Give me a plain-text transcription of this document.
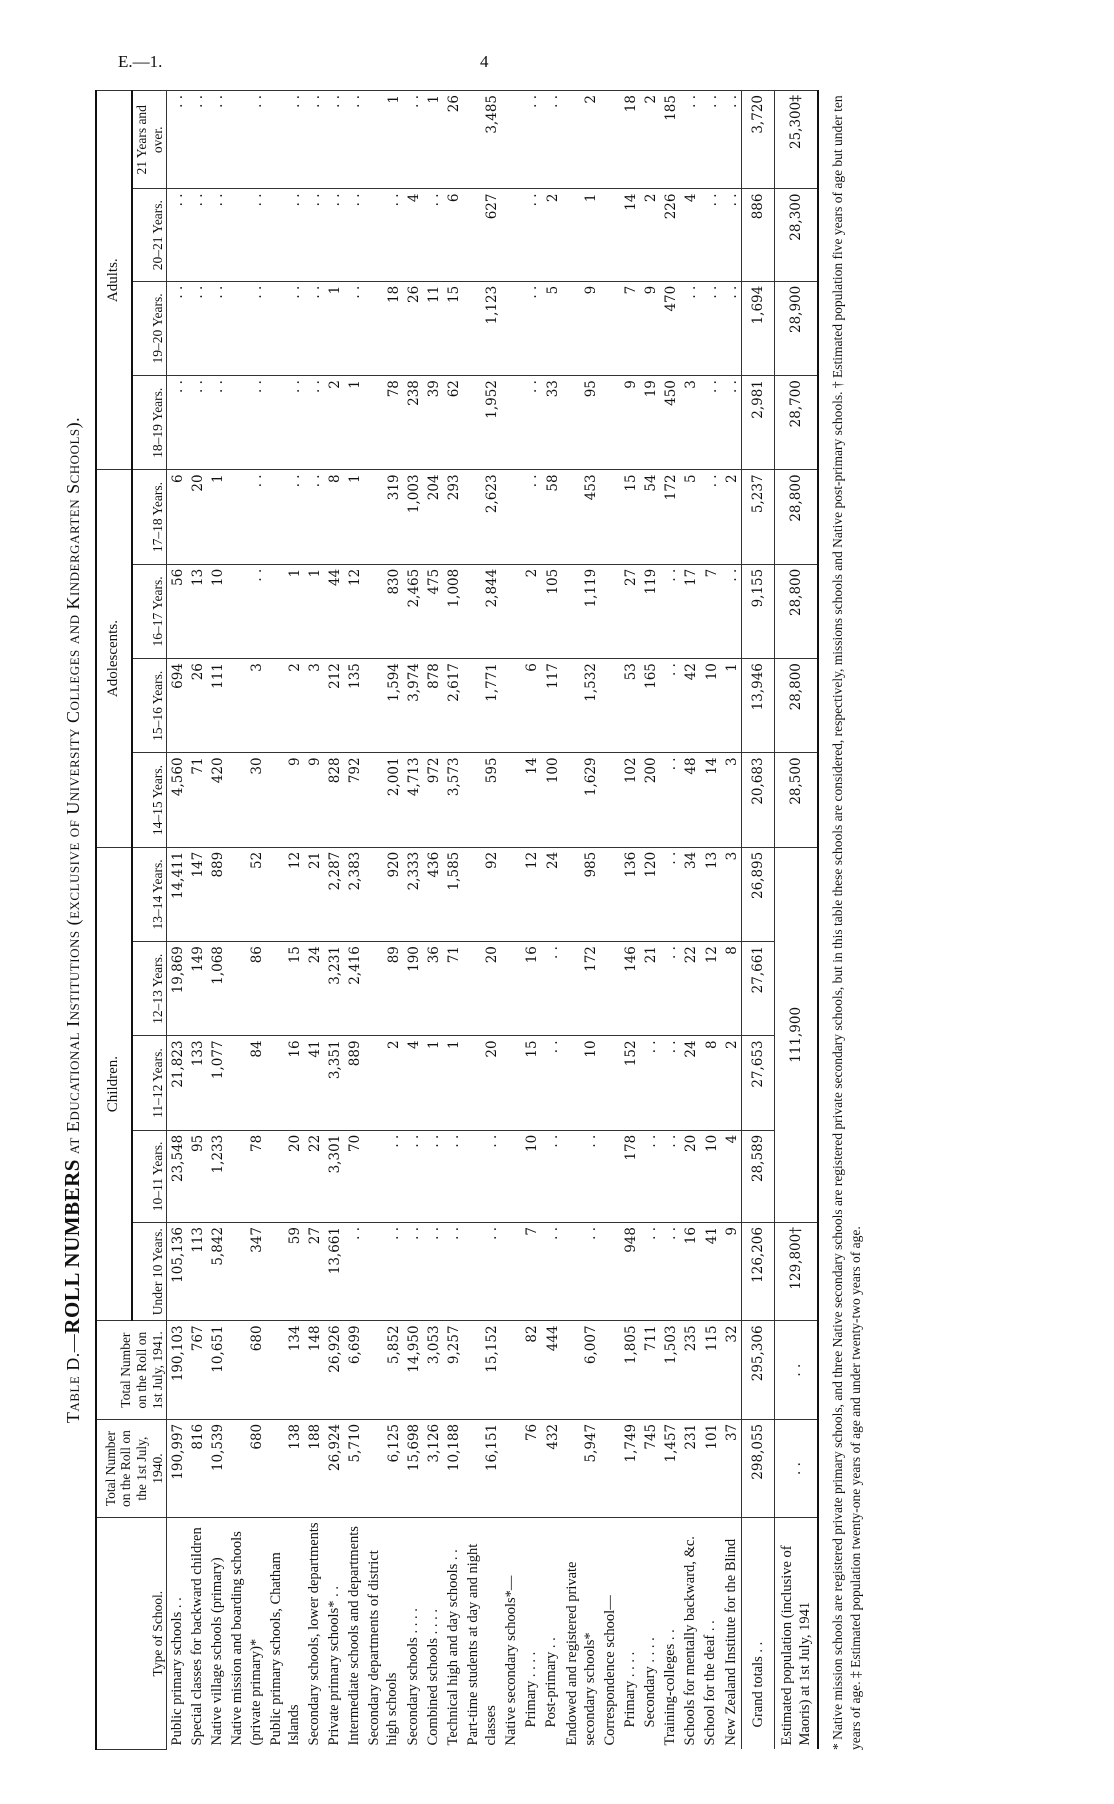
E.—1.	4
Table D.—ROLL NUMBERS at Educational Institutions (exclusive of University Colleges and Kindergarten Schools).
Type of School.	Total Number on the Roll on the 1st July, 1940.	Total Number on the Roll on 1st July, 1941.	Children.					Adolescents.				Adults.			
			Under 10 Years.	10–11 Years.	11–12 Years.	12–13 Years.	13–14 Years.	14–15 Years.	15–16 Years.	16–17 Years.	17–18 Years.	18–19 Years.	19–20 Years.	20–21 Years.	21 Years and over.
Public primary schools . .	190,997	190,103	105,136	23,548	21,823	19,869	14,411	4,560	694	56	6	. .	. .	. .	. .
Special classes for backward children	816	767	113	95	133	149	147	71	26	13	20	. .	. .	. .	. .
Native village schools (primary)	10,539	10,651	5,842	1,233	1,077	1,068	889	420	111	10	1	. .	. .	. .	. .
Native mission and boarding schools (private primary)*	680	680	347	78	84	86	52	30	3	. .	. .	. .	. .	. .	. .
Public primary schools, Chatham Islands	138	134	59	20	16	15	12	9	2	1	. .	. .	. .	. .	. .
Secondary schools, lower departments	188	148	27	22	41	24	21	9	3	1	. .	. .	. .	. .	. .
Private primary schools* . .	26,924	26,926	13,661	3,301	3,351	3,231	2,287	828	212	44	8	2	1	. .	. .
Intermediate schools and departments	5,710	6,699	. .	70	889	2,416	2,383	792	135	12	1	1	. .	. .	. .
Secondary departments of district high schools	6,125	5,852	. .	. .	2	89	920	2,001	1,594	830	319	78	18	. .	1
Secondary schools . . . .	15,698	14,950	. .	. .	4	190	2,333	4,713	3,974	2,465	1,003	238	26	4	. .
Combined schools . . . .	3,126	3,053	. .	. .	1	36	436	972	878	475	204	39	11	. .	1
Technical high and day schools . .	10,188	9,257	. .	. .	1	71	1,585	3,573	2,617	1,008	293	62	15	6	26
Part-time students at day and night classes	16,151	15,152	. .	. .	20	20	92	595	1,771	2,844	2,623	1,952	1,123	627	3,485
Native secondary schools*—															
Primary . . . .	76	82	7	10	15	16	12	14	6	2	. .	. .	. .	. .	. .
Post-primary . .	432	444	. .	. .	. .	. .	24	100	117	105	58	33	5	2	. .
Endowed and registered private secondary schools*	5,947	6,007	. .	. .	10	172	985	1,629	1,532	1,119	453	95	9	1	2
Correspondence school—															
Primary . . . .	1,749	1,805	948	178	152	146	136	102	53	27	15	9	7	14	18
Secondary . . . .	745	711	. .	. .	. .	21	120	200	165	119	54	19	9	2	2
Training-colleges . .	1,457	1,503	. .	. .	. .	. .	. .	. .	. .	. .	172	450	470	226	185
Schools for mentally backward, &c.	231	235	16	20	24	22	34	48	42	17	5	3	. .	4	. .
School for the deaf . .	101	115	41	10	8	12	13	14	10	7	. .	. .	. .	. .	. .
New Zealand Institute for the Blind	37	32	9	4	2	8	3	3	1	. .	2	. .	. .	. .	. .
Grand totals . .	298,055	295,306	126,206	28,589	27,653	27,661	26,895	20,683	13,946	9,155	5,237	2,981	1,694	886	3,720
Estimated population (inclusive of Maoris) at 1st July, 1941	. .	. .	129,800†	111,900				28,500	28,800	28,800	28,800	28,700	28,900	28,300	25,300‡ * Native mission schools are registered private primary schools, and three Native secondary schools are registered private secondary schools, but in this table these schools are considered, respectively, missions schools and Native post-primary schools. † Estimated population five years of age but under ten years of age. ‡ Estimated population twenty-one years of age and under twenty-two years of age.
